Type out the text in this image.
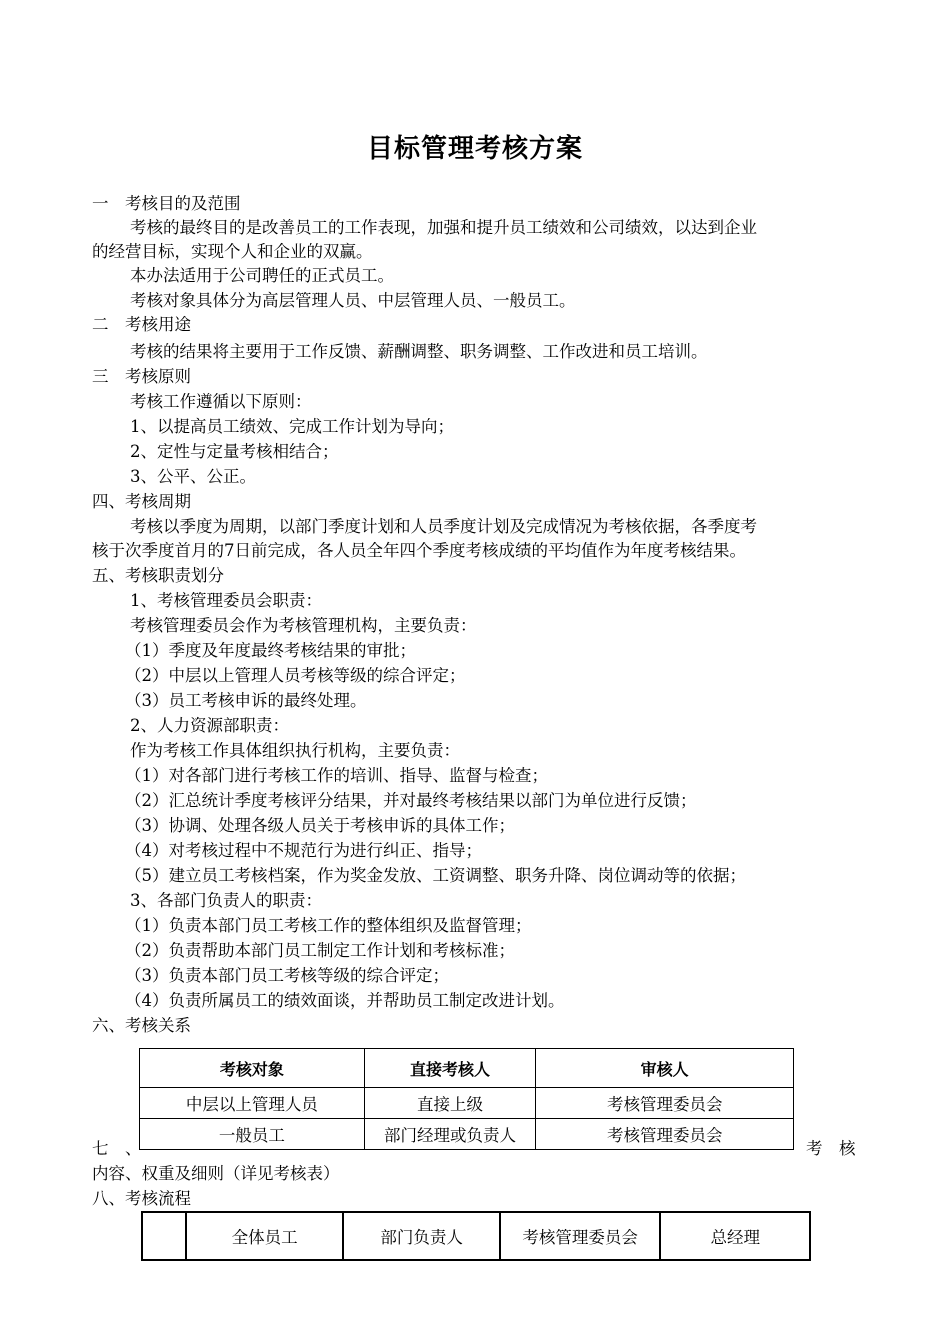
目标管理考核方案
一　考核目的及范围
考核的最终目的是改善员工的工作表现，加强和提升员工绩效和公司绩效，以达到企业
的经营目标，实现个人和企业的双赢。
本办法适用于公司聘任的正式员工。
考核对象具体分为高层管理人员、中层管理人员、一般员工。
二　考核用途
考核的结果将主要用于工作反馈、薪酬调整、职务调整、工作改进和员工培训。
三　考核原则
考核工作遵循以下原则：
1、以提高员工绩效、完成工作计划为导向；
2、定性与定量考核相结合；
3、公平、公正。
四、考核周期
考核以季度为周期，以部门季度计划和人员季度计划及完成情况为考核依据，各季度考
核于次季度首月的7日前完成，各人员全年四个季度考核成绩的平均值作为年度考核结果。
五、考核职责划分
1、考核管理委员会职责：
考核管理委员会作为考核管理机构，主要负责：
（1）季度及年度最终考核结果的审批；
（2）中层以上管理人员考核等级的综合评定；
（3）员工考核申诉的最终处理。
2、人力资源部职责：
作为考核工作具体组织执行机构，主要负责：
（1）对各部门进行考核工作的培训、指导、监督与检查；
（2）汇总统计季度考核评分结果，并对最终考核结果以部门为单位进行反馈；
（3）协调、处理各级人员关于考核申诉的具体工作；
（4）对考核过程中不规范行为进行纠正、指导；
（5）建立员工考核档案，作为奖金发放、工资调整、职务升降、岗位调动等的依据；
3、各部门负责人的职责：
（1）负责本部门员工考核工作的整体组织及监督管理；
（2）负责帮助本部门员工制定工作计划和考核标准；
（3）负责本部门员工考核等级的综合评定；
（4）负责所属员工的绩效面谈，并帮助员工制定改进计划。
六、考核关系
考核对象	直接考核人	审核人
中层以上管理人员	直接上级	考核管理委员会
一般员工	部门经理或负责人	考核管理委员会
七　、	考　核
内容、权重及细则（详见考核表）
八、考核流程
	全体员工	部门负责人	考核管理委员会	总经理
